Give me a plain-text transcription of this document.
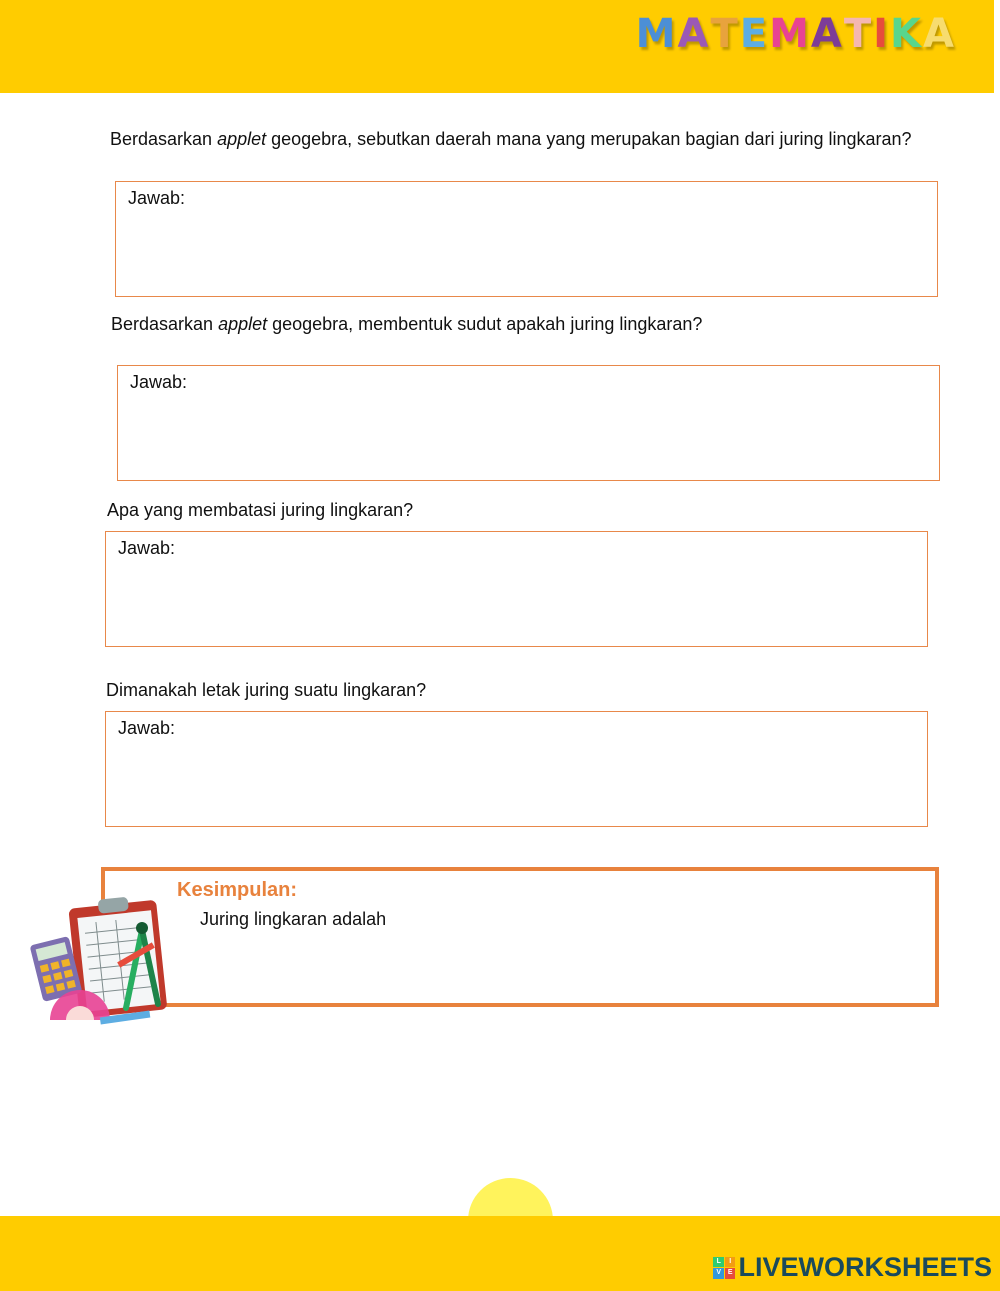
M A T E M A T I K A
Berdasarkan applet geogebra, sebutkan daerah mana yang merupakan bagian dari juring lingkaran?
Jawab:
Berdasarkan applet geogebra, membentuk sudut apakah juring lingkaran?
Jawab:
Apa yang membatasi juring lingkaran?
Jawab:
Dimanakah letak juring suatu lingkaran?
Jawab:
Kesimpulan:
Juring lingkaran adalah
L	I
V E LIVEWORKSHEETS
